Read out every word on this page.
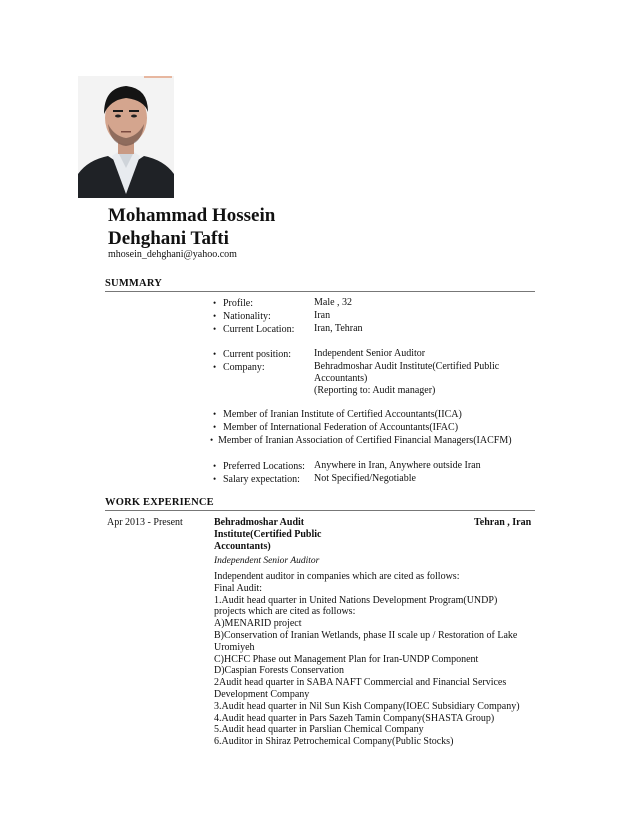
Mohammad Hossein
Dehghani Tafti
mhosein_dehghani@yahoo.com
SUMMARY
• Profile:	Male , 32
• Nationality:	Iran
• Current Location: Iran, Tehran
• Current position: Independent Senior Auditor
• Company:	Behradmoshar Audit Institute(Certified Public
Accountants)
(Reporting to: Audit manager)
• Member of Iranian Institute of Certified Accountants(IICA)
• Member of International Federation of Accountants(IFAC)
• Member of Iranian Association of Certified Financial Managers(IACFM)
• Preferred Locations: Anywhere in Iran, Anywhere outside Iran
• Salary expectation: Not Specified/Negotiable
WORK EXPERIENCE
Apr 2013 - Present	Behradmoshar Audit
Institute(Certified Public
Accountants)
Tehran , Iran
Independent Senior Auditor
Independent auditor in companies which are cited as follows:
Final Audit:
1.Audit head quarter in United Nations Development Program(UNDP)
projects which are cited as follows:
A)MENARID project
B)Conservation of Iranian Wetlands, phase II scale up / Restoration of Lake
Uromiyeh
C)HCFC Phase out Management Plan for Iran-UNDP Component
D)Caspian Forests Conservation
2Audit head quarter in SABA NAFT Commercial and Financial Services
Development Company
3.Audit head quarter in Nil Sun Kish Company(IOEC Subsidiary Company)
4.Audit head quarter in Pars Sazeh Tamin Company(SHASTA Group)
5.Audit head quarter in Parslian Chemical Company
6.Auditor in Shiraz Petrochemical Company(Public Stocks)
